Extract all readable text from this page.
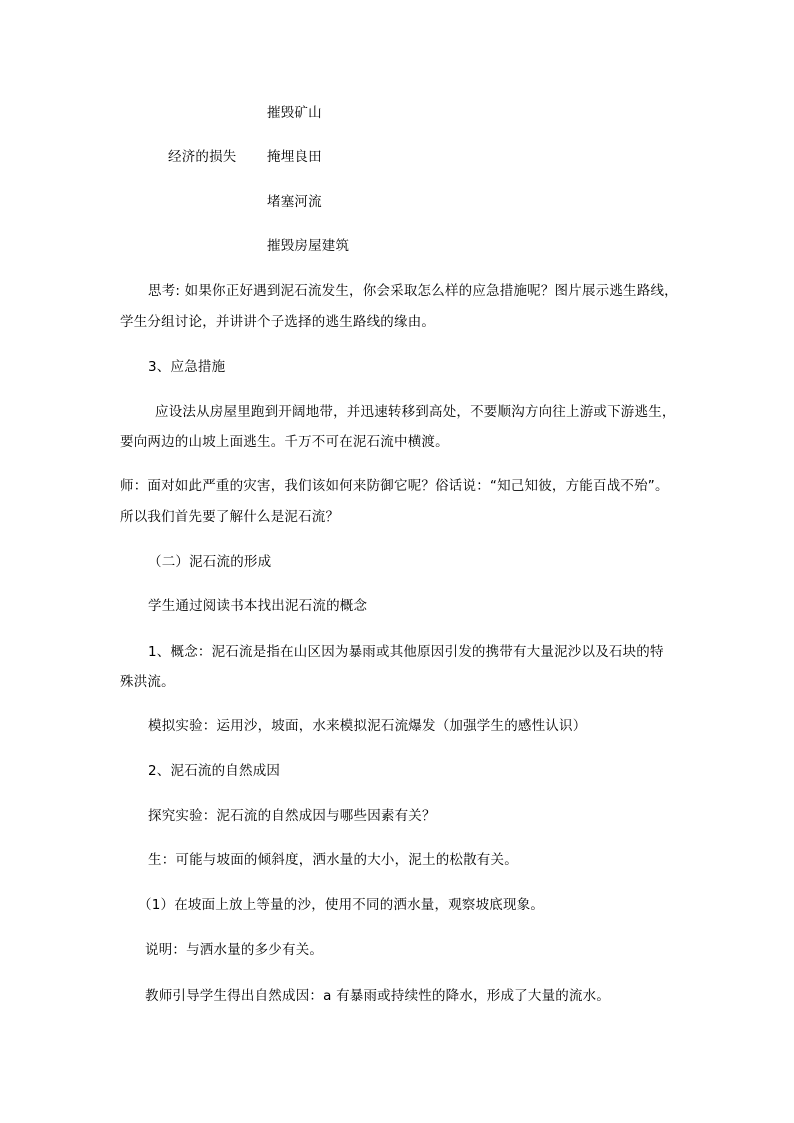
摧毁矿山
经济的损失 掩埋良田
堵塞河流
摧毁房屋建筑
思考: 如果你正好遇到泥石流发生，你会采取怎么样的应急措施呢？图片展示逃生路线，
学生分组讨论，并讲讲个子选择的逃生路线的缘由。
3、应急措施
应设法从房屋里跑到开阔地带，并迅速转移到高处，不要顺沟方向往上游或下游逃生，
要向两边的山坡上面逃生。千万不可在泥石流中横渡。
师：面对如此严重的灾害，我们该如何来防御它呢？俗话说：“知己知彼，方能百战不殆”。
所以我们首先要了解什么是泥石流？
（二）泥石流的形成
学生通过阅读书本找出泥石流的概念
1、概念：泥石流是指在山区因为暴雨或其他原因引发的携带有大量泥沙以及石块的特
殊洪流。
模拟实验：运用沙，坡面，水来模拟泥石流爆发（加强学生的感性认识）
2、泥石流的自然成因
探究实验：泥石流的自然成因与哪些因素有关？
生：可能与坡面的倾斜度，洒水量的大小，泥土的松散有关。
（1）在坡面上放上等量的沙，使用不同的洒水量，观察坡底现象。
说明：与洒水量的多少有关。
教师引导学生得出自然成因：a 有暴雨或持续性的降水，形成了大量的流水。
